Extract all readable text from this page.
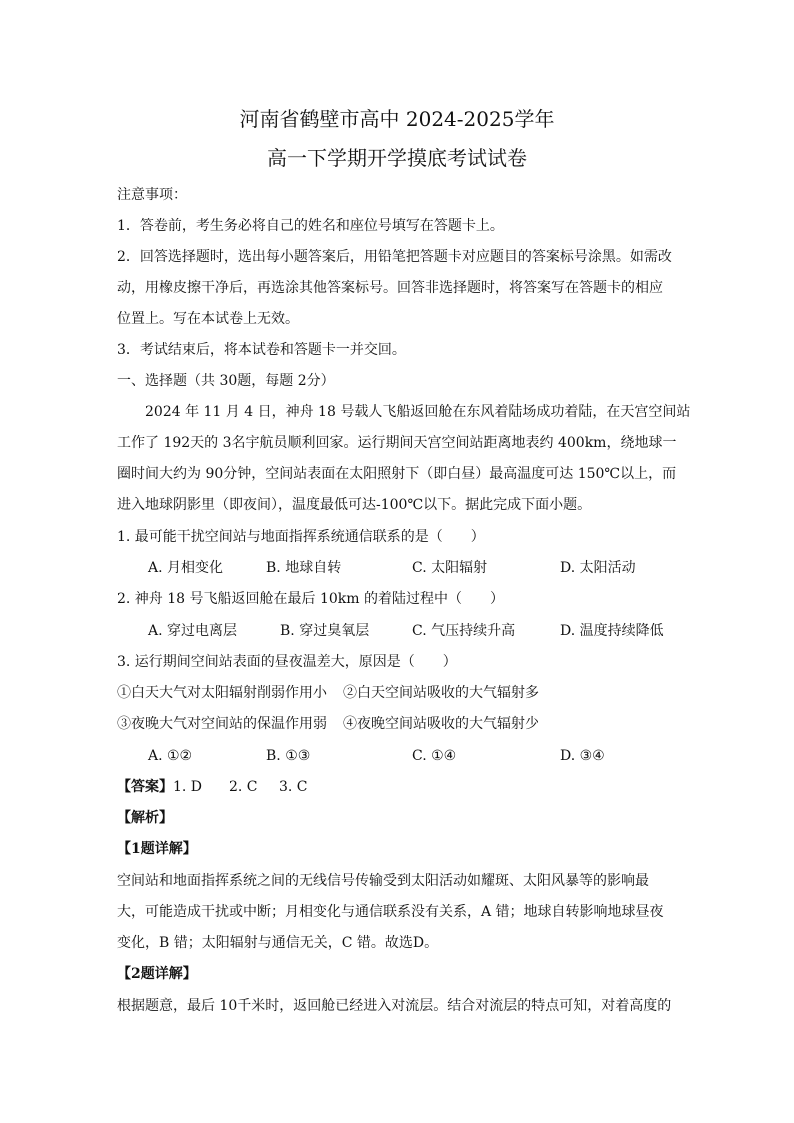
河南省鹤壁市高中 2024-2025学年
高一下学期开学摸底考试试卷
注意事项：
1．答卷前，考生务必将自己的姓名和座位号填写在答题卡上。
2．回答选择题时，选出每小题答案后，用铅笔把答题卡对应题目的答案标号涂黑。如需改
动，用橡皮擦干净后，再选涂其他答案标号。回答非选择题时，将答案写在答题卡的相应
位置上。写在本试卷上无效。
3．考试结束后，将本试卷和答题卡一并交回。
一、选择题（共 30题，每题 2分）
2024 年 11 月 4 日，神舟 18 号载人飞船返回舱在东风着陆场成功着陆，在天宫空间站
工作了 192天的 3名宇航员顺利回家。运行期间天宫空间站距离地表约 400km，绕地球一
圈时间大约为 90分钟，空间站表面在太阳照射下（即白昼）最高温度可达 150℃以上，而
进入地球阴影里（即夜间），温度最低可达-100℃以下。据此完成下面小题。
1. 最可能干扰空间站与地面指挥系统通信联系的是（　　）
A. 月相变化	B. 地球自转	C. 太阳辐射	D. 太阳活动
2. 神舟 18 号飞船返回舱在最后 10km 的着陆过程中（　　）
A. 穿过电离层	B. 穿过臭氧层	C. 气压持续升高	D. 温度持续降低
3. 运行期间空间站表面的昼夜温差大，原因是（　　）
①白天大气对太阳辐射削弱作用小 ②白天空间站吸收的大气辐射多
③夜晚大气对空间站的保温作用弱 ④夜晚空间站吸收的大气辐射少
A. ①②	B. ①③	C. ①④	D. ③④
【答案】 1. D 2. C 3. C
【解析】
【1题详解】
空间站和地面指挥系统之间的无线信号传输受到太阳活动如耀斑、太阳风暴等的影响最
大，可能造成干扰或中断；月相变化与通信联系没有关系，A 错；地球自转影响地球昼夜
变化，B 错；太阳辐射与通信无关，C 错。故选D。
【2题详解】
根据题意，最后 10千米时，返回舱已经进入对流层。结合对流层的特点可知，对着高度的
